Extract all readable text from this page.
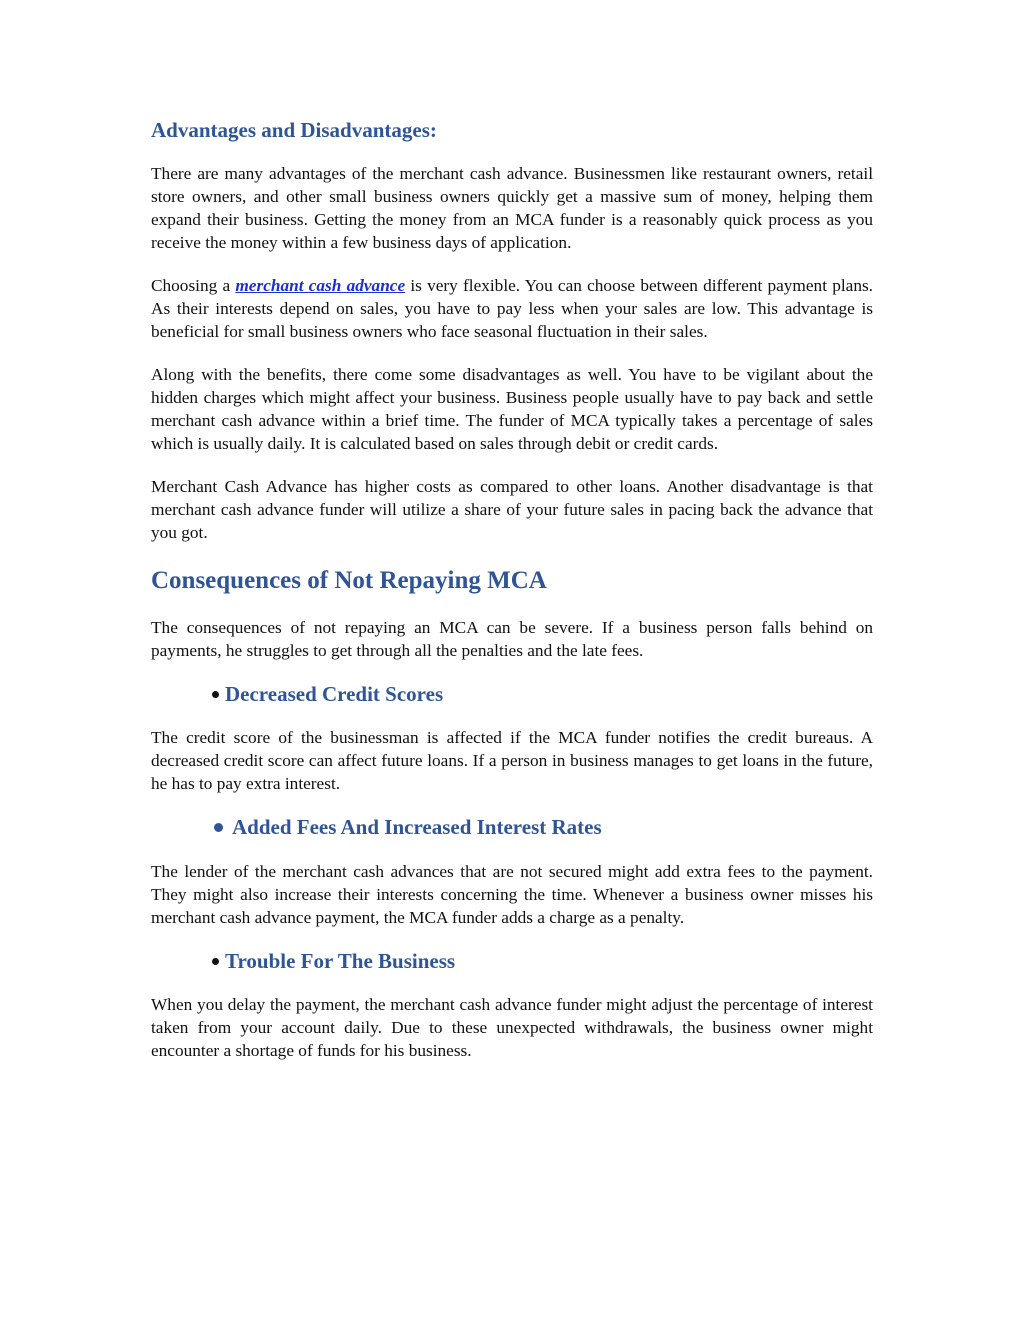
Advantages and Disadvantages:

There are many advantages of the merchant cash advance. Businessmen like restaurant owners, retail store owners, and other small business owners quickly get a massive sum of money, helping them expand their business. Getting the money from an MCA funder is a reasonably quick process as you receive the money within a few business days of application.

Choosing a merchant cash advance is very flexible. You can choose between different payment plans. As their interests depend on sales, you have to pay less when your sales are low. This advantage is beneficial for small business owners who face seasonal fluctuation in their sales.

Along with the benefits, there come some disadvantages as well. You have to be vigilant about the hidden charges which might affect your business. Business people usually have to pay back and settle merchant cash advance within a brief time. The funder of MCA typically takes a percentage of sales which is usually daily. It is calculated based on sales through debit or credit cards.

Merchant Cash Advance has higher costs as compared to other loans. Another disadvantage is that merchant cash advance funder will utilize a share of your future sales in pacing back the advance that you got.

Consequences of Not Repaying MCA

The consequences of not repaying an MCA can be severe. If a business person falls behind on payments, he struggles to get through all the penalties and the late fees.

Decreased Credit Scores

The credit score of the businessman is affected if the MCA funder notifies the credit bureaus. A decreased credit score can affect future loans. If a person in business manages to get loans in the future, he has to pay extra interest.

Added Fees And Increased Interest Rates

The lender of the merchant cash advances that are not secured might add extra fees to the payment. They might also increase their interests concerning the time. Whenever a business owner misses his merchant cash advance payment, the MCA funder adds a charge as a penalty.

Trouble For The Business

When you delay the payment, the merchant cash advance funder might adjust the percentage of interest taken from your account daily. Due to these unexpected withdrawals, the business owner might encounter a shortage of funds for his business.
